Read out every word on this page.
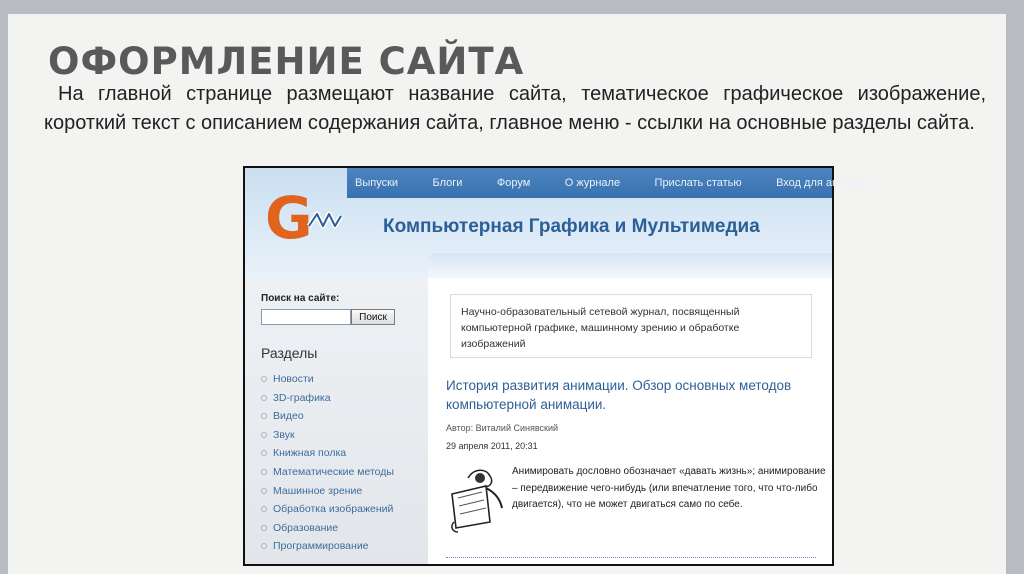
ОФОРМЛЕНИЕ САЙТА
На главной странице размещают название сайта, тематическое графическое изображение, короткий текст с описанием содержания сайта, главное меню - ссылки на основные разделы сайта.
G
Выпуски	Блоги	Форум	О журнале	Прислать статью	Вход для авторов
Компьютерная Графика и Мультимедиа
Поиск на сайте:
Поиск
Разделы
Новости
3D-графика
Видео
Звук
Книжная полка
Математические методы
Машинное зрение
Обработка изображений
Образование
Программирование
Научно-образовательный сетевой журнал, посвященный компьютерной графике, машинному зрению и обработке изображений
История развития анимации. Обзор основных методов компьютерной анимации.
Автор: Виталий Синявский
29 апреля 2011, 20:31
Анимировать дословно обозначает «давать жизнь»; анимирование – передвижение чего-нибудь (или впечатление того, что что-либо двигается), что не может двигаться само по себе.
